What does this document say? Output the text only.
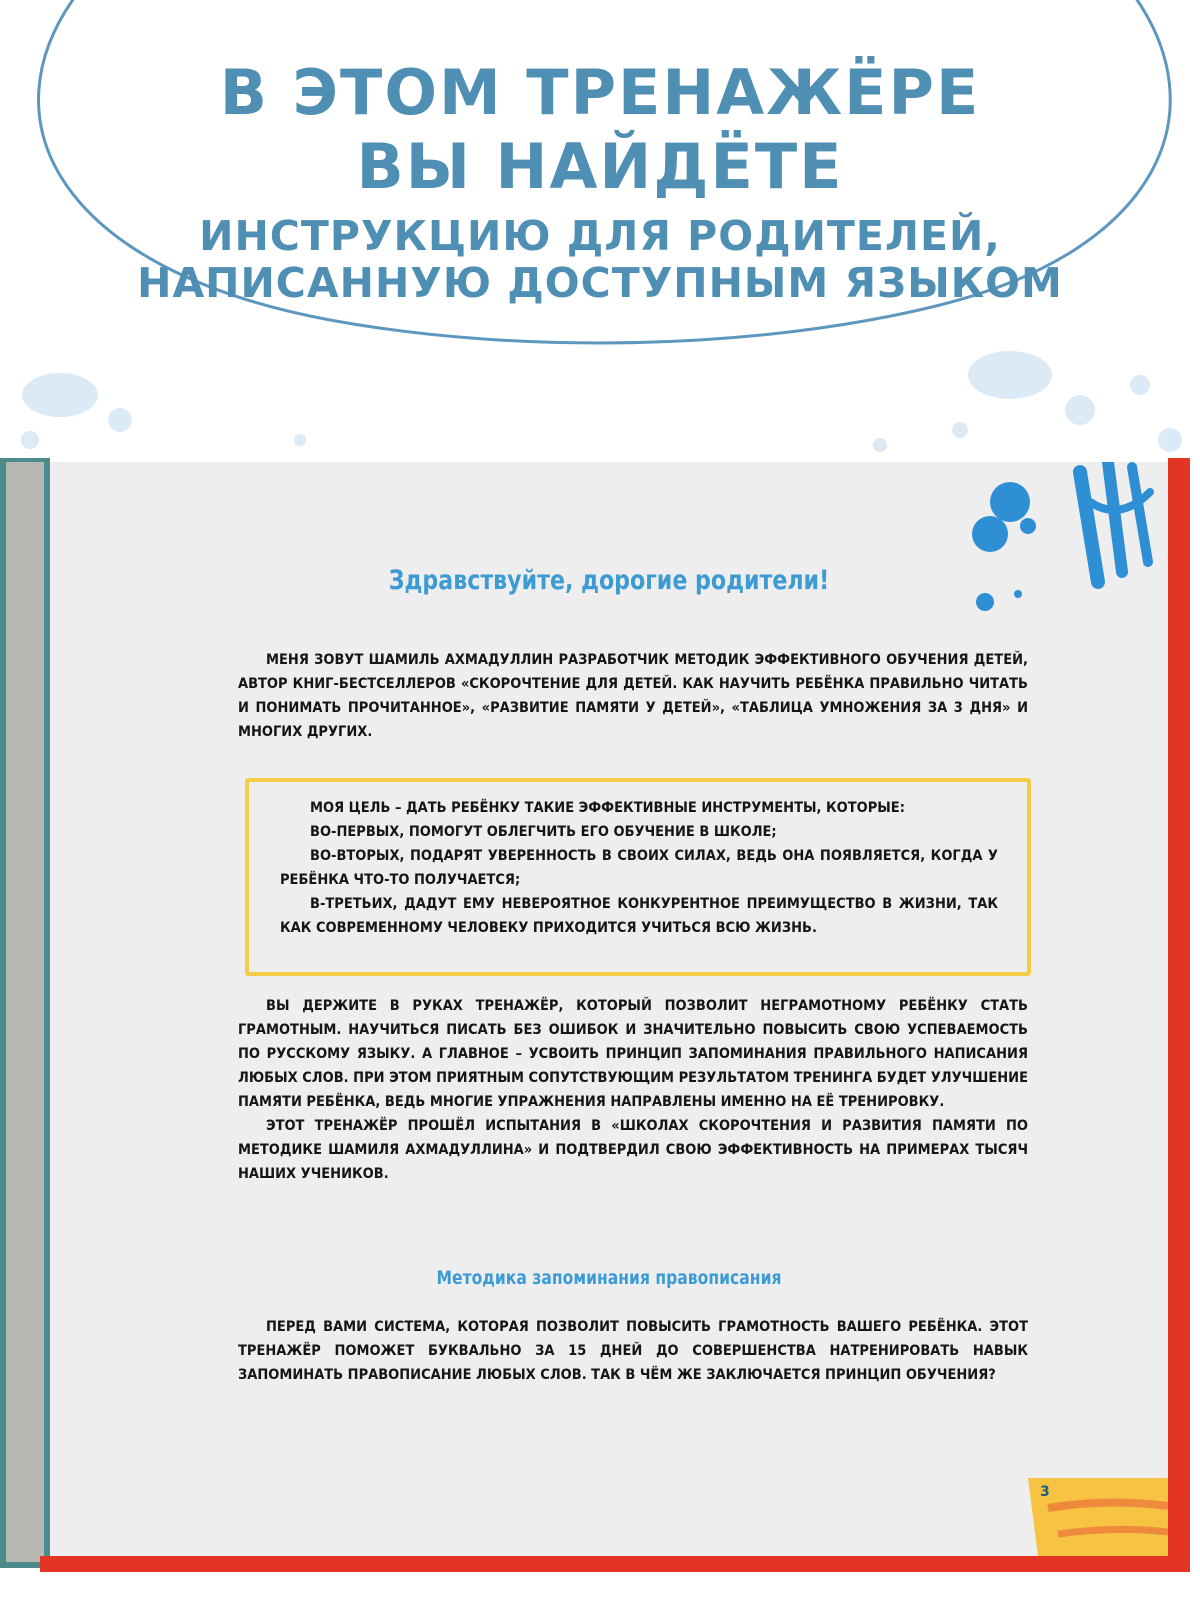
В ЭТОМ ТРЕНАЖЁРЕ
ВЫ НАЙДЁТЕ
ИНСТРУКЦИЮ ДЛЯ РОДИТЕЛЕЙ,
НАПИСАННУЮ ДОСТУПНЫМ ЯЗЫКОМ
Здравствуйте, дорогие родители!

МЕНЯ ЗОВУТ ШАМИЛЬ АХМАДУЛЛИН РАЗРАБОТЧИК МЕТОДИК ЭФФЕКТИВНОГО ОБУЧЕНИЯ ДЕТЕЙ, АВТОР КНИГ-БЕСТСЕЛЛЕРОВ «СКОРОЧТЕНИЕ ДЛЯ ДЕТЕЙ. КАК НАУЧИТЬ РЕБЁНКА ПРАВИЛЬНО ЧИТАТЬ И ПОНИМАТЬ ПРОЧИТАННОЕ», «РАЗВИТИЕ ПАМЯТИ У ДЕТЕЙ», «ТАБЛИЦА УМНОЖЕНИЯ ЗА 3 ДНЯ» И МНОГИХ ДРУГИХ.

МОЯ ЦЕЛЬ – ДАТЬ РЕБЁНКУ ТАКИЕ ЭФФЕКТИВНЫЕ ИНСТРУМЕНТЫ, КОТОРЫЕ:
ВО-ПЕРВЫХ, ПОМОГУТ ОБЛЕГЧИТЬ ЕГО ОБУЧЕНИЕ В ШКОЛЕ;
ВО-ВТОРЫХ, ПОДАРЯТ УВЕРЕННОСТЬ В СВОИХ СИЛАХ, ВЕДЬ ОНА ПОЯВЛЯЕТСЯ, КОГДА У РЕБЁНКА ЧТО-ТО ПОЛУЧАЕТСЯ;
В-ТРЕТЬИХ, ДАДУТ ЕМУ НЕВЕРОЯТНОЕ КОНКУРЕНТНОЕ ПРЕИМУЩЕСТВО В ЖИЗНИ, ТАК КАК СОВРЕМЕННОМУ ЧЕЛОВЕКУ ПРИХОДИТСЯ УЧИТЬСЯ ВСЮ ЖИЗНЬ.
ВЫ ДЕРЖИТЕ В РУКАХ ТРЕНАЖЁР, КОТОРЫЙ ПОЗВОЛИТ НЕГРАМОТНОМУ РЕБЁНКУ СТАТЬ ГРАМОТНЫМ. НАУЧИТЬСЯ ПИСАТЬ БЕЗ ОШИБОК И ЗНАЧИТЕЛЬНО ПОВЫСИТЬ СВОЮ УСПЕВАЕМОСТЬ ПО РУССКОМУ ЯЗЫКУ. А ГЛАВНОЕ – УСВОИТЬ ПРИНЦИП ЗАПОМИНАНИЯ ПРАВИЛЬНОГО НАПИСАНИЯ ЛЮБЫХ СЛОВ. ПРИ ЭТОМ ПРИЯТНЫМ СОПУТСТВУЮЩИМ РЕЗУЛЬТАТОМ ТРЕНИНГА БУДЕТ УЛУЧШЕНИЕ ПАМЯТИ РЕБЁНКА, ВЕДЬ МНОГИЕ УПРАЖНЕНИЯ НАПРАВЛЕНЫ ИМЕННО НА ЕЁ ТРЕНИРОВКУ.
ЭТОТ ТРЕНАЖЁР ПРОШЁЛ ИСПЫТАНИЯ В «ШКОЛАХ СКОРОЧТЕНИЯ И РАЗВИТИЯ ПАМЯТИ ПО МЕТОДИКЕ ШАМИЛЯ АХМАДУЛЛИНА» И ПОДТВЕРДИЛ СВОЮ ЭФФЕКТИВНОСТЬ НА ПРИМЕРАХ ТЫСЯЧ НАШИХ УЧЕНИКОВ.
Методика запоминания правописания

ПЕРЕД ВАМИ СИСТЕМА, КОТОРАЯ ПОЗВОЛИТ ПОВЫСИТЬ ГРАМОТНОСТЬ ВАШЕГО РЕБЁНКА. ЭТОТ ТРЕНАЖЁР ПОМОЖЕТ БУКВАЛЬНО ЗА 15 ДНЕЙ ДО СОВЕРШЕНСТВА НАТРЕНИРОВАТЬ НАВЫК ЗАПОМИНАТЬ ПРАВОПИСАНИЕ ЛЮБЫХ СЛОВ. ТАК В ЧЁМ ЖЕ ЗАКЛЮЧАЕТСЯ ПРИНЦИП ОБУЧЕНИЯ?

3
